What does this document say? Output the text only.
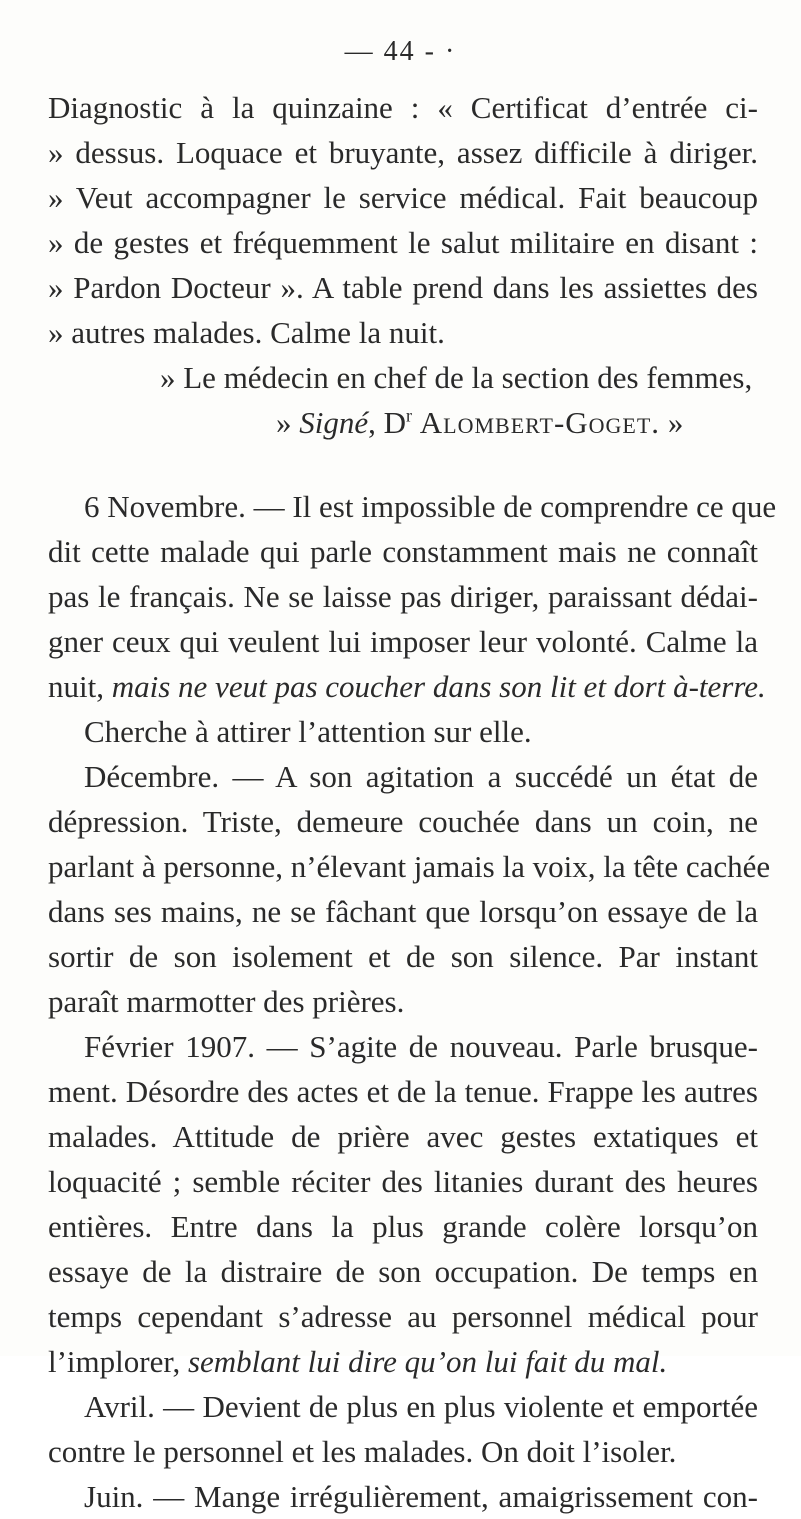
— 44 - ·
Diagnostic à la quinzaine : « Certificat d’entrée ci-
» dessus. Loquace et bruyante, assez difficile à diriger.
» Veut accompagner le service médical. Fait beaucoup
» de gestes et fréquemment le salut militaire en disant :
» Pardon Docteur ». A table prend dans les assiettes des
» autres malades. Calme la nuit.
» Le médecin en chef de la section des femmes,
» Signé, $D^r$ Alombert-Goget. »
6 Novembre. — Il est impossible de comprendre ce que
dit cette malade qui parle constamment mais ne connaît
pas le français. Ne se laisse pas diriger, paraissant dédai-
gner ceux qui veulent lui imposer leur volonté. Calme la
nuit, mais ne veut pas coucher dans son lit et dort à-terre.
Cherche à attirer l’attention sur elle.
Décembre. — A son agitation a succédé un état de
dépression. Triste, demeure couchée dans un coin, ne
parlant à personne, n’élevant jamais la voix, la tête cachée
dans ses mains, ne se fâchant que lorsqu’on essaye de la
sortir de son isolement et de son silence. Par instant
paraît marmotter des prières.
Février 1907. — S’agite de nouveau. Parle brusque-
ment. Désordre des actes et de la tenue. Frappe les autres
malades. Attitude de prière avec gestes extatiques et
loquacité ; semble réciter des litanies durant des heures
entières. Entre dans la plus grande colère lorsqu’on
essaye de la distraire de son occupation. De temps en
temps cependant s’adresse au personnel médical pour
l’implorer, semblant lui dire qu’on lui fait du mal.
Avril. — Devient de plus en plus violente et emportée
contre le personnel et les malades. On doit l’isoler.
Juin. — Mange irrégulièrement, amaigrissement con-
